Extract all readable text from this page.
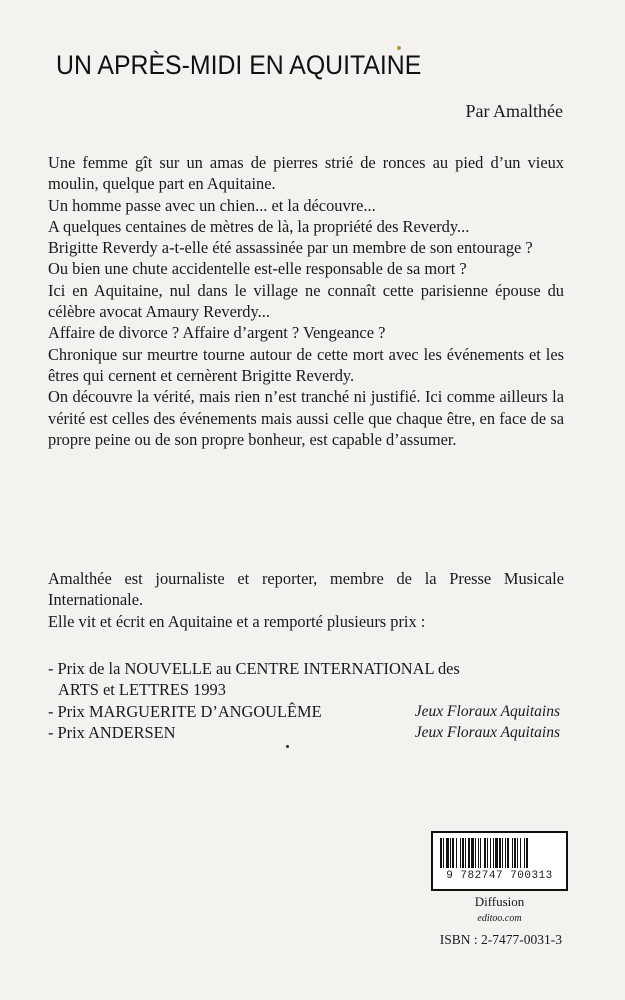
UN APRÈS-MIDI EN AQUITAINE
Par Amalthée

Une femme gît sur un amas de pierres strié de ronces au pied d’un vieux moulin, quelque part en Aquitaine.

Un homme passe avec un chien... et la découvre...

A quelques centaines de mètres de là, la propriété des Reverdy...

Brigitte Reverdy a-t-elle été assassinée par un membre de son entourage ?

Ou bien une chute accidentelle est-elle responsable de sa mort ?

Ici en Aquitaine, nul dans le village ne connaît cette parisienne épouse du célèbre avocat Amaury Reverdy...

Affaire de divorce ? Affaire d’argent ? Vengeance ?

Chronique sur meurtre tourne autour de cette mort avec les événements et les êtres qui cernent et cernèrent Brigitte Reverdy.

On découvre la vérité, mais rien n’est tranché ni justifié. Ici comme ailleurs la vérité est celles des événements mais aussi celle que chaque être, en face de sa propre peine ou de son propre bonheur, est capable d’assumer.

Amalthée est journaliste et reporter, membre de la Presse Musicale Internationale.

Elle vit et écrit en Aquitaine et a remporté plusieurs prix :

- Prix de la NOUVELLE au CENTRE INTERNATIONAL des
ARTS et LETTRES 1993
- Prix MARGUERITE D’ANGOULÊME	Jeux Floraux Aquitains
- Prix ANDERSEN	Jeux Floraux Aquitains
9 782747 700313
Diffusion
editoo.com
ISBN : 2-7477-0031-3
